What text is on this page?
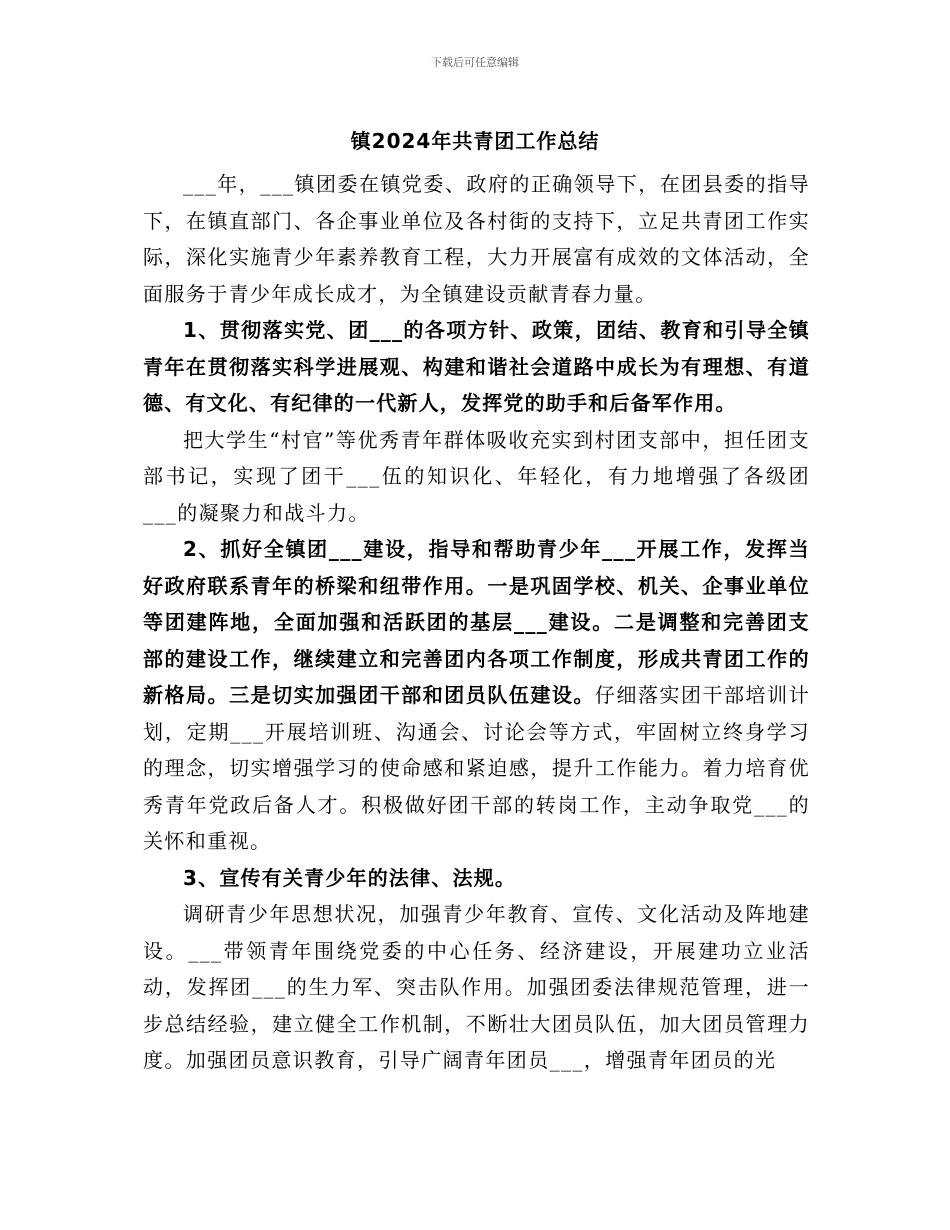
下载后可任意编辑
镇2024年共青团工作总结

___年，___镇团委在镇党委、政府的正确领导下，在团县委的指导下，在镇直部门、各企事业单位及各村街的支持下，立足共青团工作实际，深化实施青少年素养教育工程，大力开展富有成效的文体活动，全面服务于青少年成长成才，为全镇建设贡献青春力量。

1、贯彻落实党、团___的各项方针、政策，团结、教育和引导全镇青年在贯彻落实科学进展观、构建和谐社会道路中成长为有理想、有道德、有文化、有纪律的一代新人，发挥党的助手和后备军作用。

把大学生“村官”等优秀青年群体吸收充实到村团支部中，担任团支部书记，实现了团干___伍的知识化、年轻化，有力地增强了各级团___的凝聚力和战斗力。

2、抓好全镇团___建设，指导和帮助青少年___开展工作，发挥当好政府联系青年的桥梁和纽带作用。一是巩固学校、机关、企事业单位等团建阵地，全面加强和活跃团的基层___建设。二是调整和完善团支部的建设工作，继续建立和完善团内各项工作制度，形成共青团工作的新格局。三是切实加强团干部和团员队伍建设。仔细落实团干部培训计划，定期___开展培训班、沟通会、讨论会等方式，牢固树立终身学习的理念，切实增强学习的使命感和紧迫感，提升工作能力。着力培育优秀青年党政后备人才。积极做好团干部的转岗工作，主动争取党___的关怀和重视。

3、宣传有关青少年的法律、法规。

调研青少年思想状况，加强青少年教育、宣传、文化活动及阵地建设。___带领青年围绕党委的中心任务、经济建设，开展建功立业活动，发挥团___的生力军、突击队作用。加强团委法律规范管理，进一步总结经验，建立健全工作机制，不断壮大团员队伍，加大团员管理力度。加强团员意识教育，引导广阔青年团员___，增强青年团员的光
